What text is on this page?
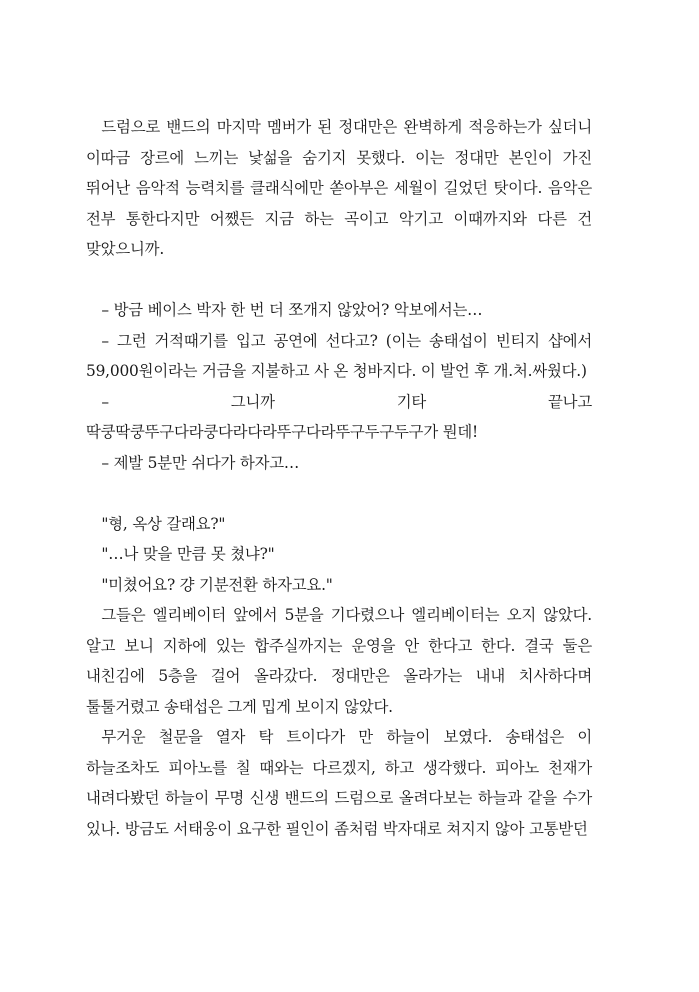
드럼으로 밴드의 마지막 멤버가 된 정대만은 완벽하게 적응하는가 싶더니 이따금 장르에 느끼는 낯섦을 숨기지 못했다. 이는 정대만 본인이 가진 뛰어난 음악적 능력치를 클래식에만 쏟아부은 세월이 길었던 탓이다. 음악은 전부 통한다지만 어쨌든 지금 하는 곡이고 악기고 이때까지와 다른 건 맞았으니까.

– 방금 베이스 박자 한 번 더 쪼개지 않았어? 악보에서는…

– 그런 거적때기를 입고 공연에 선다고? (이는 송태섭이 빈티지 샵에서 59,000원이라는 거금을 지불하고 사 온 청바지다. 이 발언 후 개.처.싸웠다.)

– 그니까 기타 끝나고 딱쿵딱쿵뚜구다라쿵다라다라뚜구다라뚜구두구두구가 뭔데!

– 제발 5분만 쉬다가 하자고…

"형, 옥상 갈래요?"

"…나 맞을 만큼 못 쳤냐?"

"미쳤어요? 걍 기분전환 하자고요."

그들은 엘리베이터 앞에서 5분을 기다렸으나 엘리베이터는 오지 않았다. 알고 보니 지하에 있는 합주실까지는 운영을 안 한다고 한다. 결국 둘은 내친김에 5층을 걸어 올라갔다. 정대만은 올라가는 내내 치사하다며 툴툴거렸고 송태섭은 그게 밉게 보이지 않았다.

무거운 철문을 열자 탁 트이다가 만 하늘이 보였다. 송태섭은 이 하늘조차도 피아노를 칠 때와는 다르겠지, 하고 생각했다. 피아노 천재가 내려다봤던 하늘이 무명 신생 밴드의 드럼으로 올려다보는 하늘과 같을 수가 있나. 방금도 서태웅이 요구한 필인이 좀처럼 박자대로 쳐지지 않아 고통받던
